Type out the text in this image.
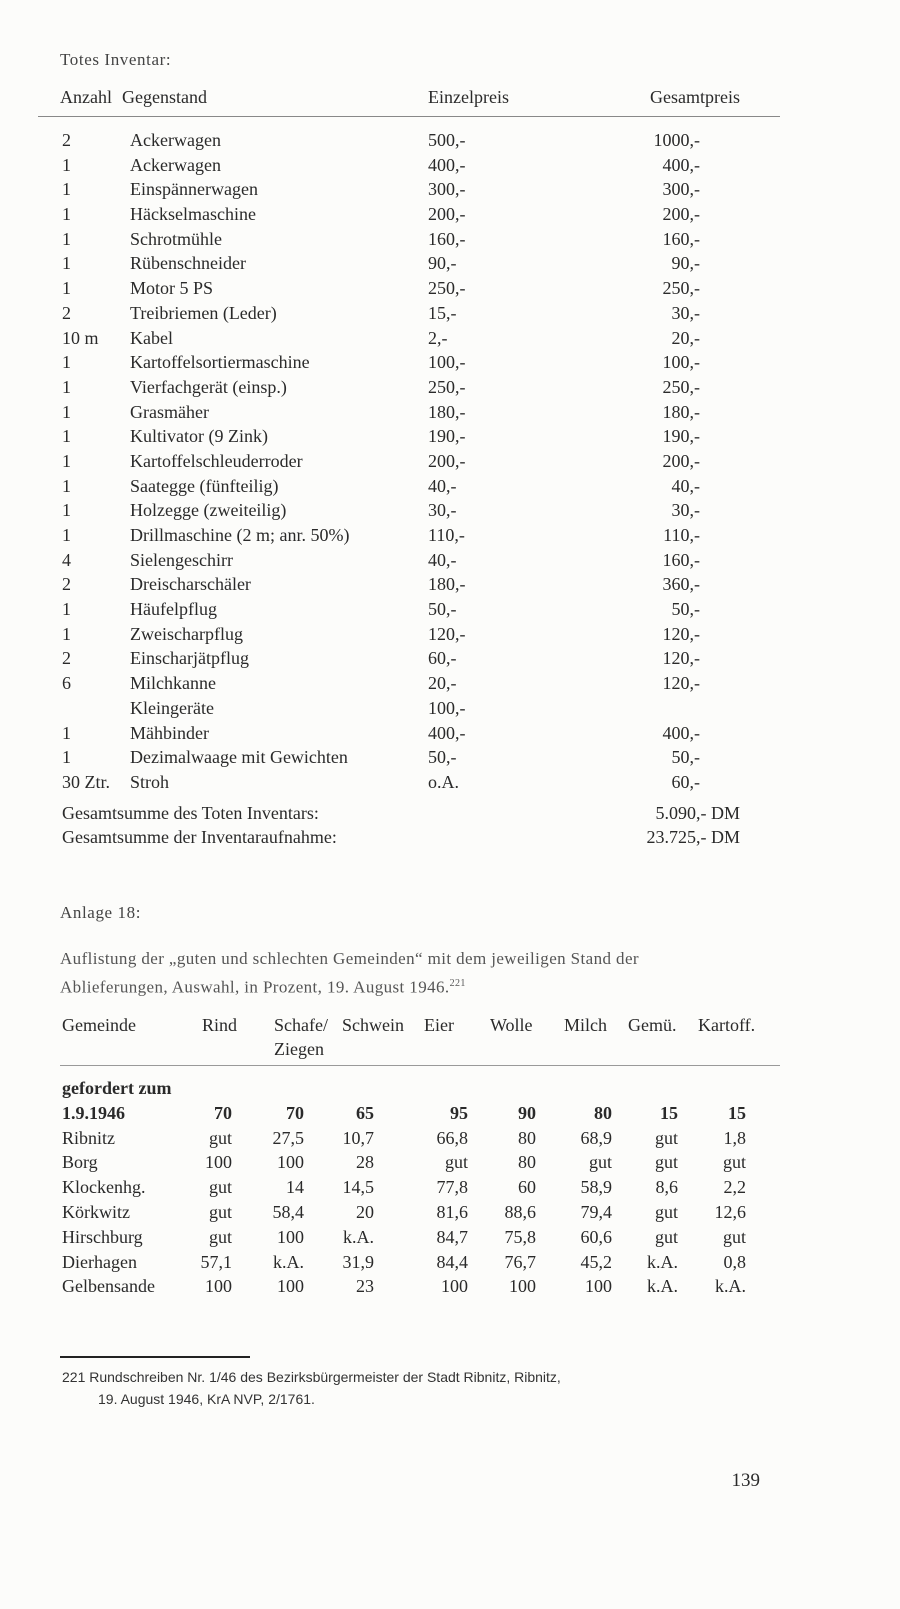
Totes Inventar:
Anzahl Gegenstand	Einzelpreis	Gesamtpreis
2	Ackerwagen	500,-	1000,-
1	Ackerwagen	400,-	400,-
1	Einspännerwagen	300,-	300,-
1	Häckselmaschine	200,-	200,-
1	Schrotmühle	160,-	160,-
1	Rübenschneider	90,-	90,-
1	Motor 5 PS	250,-	250,-
2	Treibriemen (Leder)	15,-	30,-
10 m Kabel	2,-	20,-
1	Kartoffelsortiermaschine	100,-	100,-
1	Vierfachgerät (einsp.)	250,-	250,-
1	Grasmäher	180,-	180,-
1	Kultivator (9 Zink)	190,-	190,-
1	Kartoffelschleuderroder	200,-	200,-
1	Saategge (fünfteilig)	40,-	40,-
1	Holzegge (zweiteilig)	30,-	30,-
1	Drillmaschine (2 m; anr. 50%)	110,-	110,-
4	Sielengeschirr	40,-	160,-
2	Dreischarschäler	180,-	360,-
1	Häufelpflug	50,-	50,-
1	Zweischarpflug	120,-	120,-
2	Einscharjätpflug	60,-	120,-
6	Milchkanne	20,-	120,-
Kleingeräte	100,-
1	Mähbinder	400,-	400,-
1	Dezimalwaage mit Gewichten	50,-	50,-
30 Ztr. Stroh	o.A.	60,-
Gesamtsumme des Toten Inventars:	5.090,- DM
Gesamtsumme der Inventaraufnahme:	23.725,- DM
Anlage 18:
Auflistung der „guten und schlechten Gemeinden“ mit dem jeweiligen Stand der Ablieferungen, Auswahl, in Prozent, 19. August 1946.$^{221}$
Gemeinde	Rind Schafe/
Ziegen
Schwein Eier Wolle Milch Gemü. Kartoff.
gefordert zum
1.9.1946	70	70	65	95	90	80	15	15
Ribnitz	gut	27,5	10,7	66,8	80	68,9	gut	1,8
Borg	100	100	28	gut	80	gut	gut	gut
Klockenhg.	gut	14	14,5	77,8	60	58,9	8,6	2,2
Körkwitz	gut	58,4	20	81,6	88,6	79,4	gut	12,6
Hirschburg	gut	100	k.A.	84,7	75,8	60,6	gut	gut
Dierhagen	57,1	k.A.	31,9	84,4	76,7	45,2	k.A.	0,8
Gelbensande	100	100	23	100	100	100	k.A.	k.A.
221 Rundschreiben Nr. 1/46 des Bezirksbürgermeister der Stadt Ribnitz, Ribnitz,
19. August 1946, KrA NVP, 2/1761.
139
